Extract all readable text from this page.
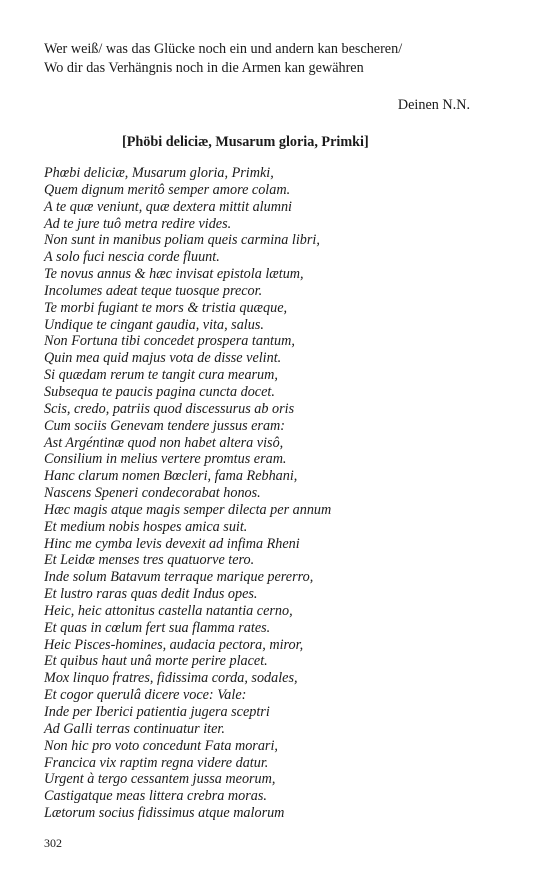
Wer weiß/ was das Glücke noch ein und andern kan bescheren/

Wo dir das Verhängnis noch in die Armen kan gewähren

Deinen N.N.
[Phöbi deliciæ, Musarum gloria, Primki]
Phœbi deliciæ, Musarum gloria, Primki,
Quem dignum meritô semper amore colam.
A te quæ veniunt, quæ dextera mittit alumni
Ad te jure tuô metra redire vides.
Non sunt in manibus poliam queis carmina libri,
A solo fuci nescia corde fluunt.
Te novus annus & hæc invisat epistola lætum,
Incolumes adeat teque tuosque precor.
Te morbi fugiant te mors & tristia quæque,
Undique te cingant gaudia, vita, salus.
Non Fortuna tibi concedet prospera tantum,
Quin mea quid majus vota de disse velint.
Si quædam rerum te tangit cura mearum,
Subsequa te paucis pagina cuncta docet.
Scis, credo, patriis quod discessurus ab oris
Cum sociis Genevam tendere jussus eram:
Ast Argéntinæ quod non habet altera visô,
Consilium in melius vertere promtus eram.
Hanc clarum nomen Bœcleri, fama Rebhani,
Nascens Speneri condecorabat honos.
Hæc magis atque magis semper dilecta per annum
Et medium nobis hospes amica suit.
Hinc me cymba levis devexit ad infima Rheni
Et Leidæ menses tres quatuorve tero.
Inde solum Batavum terraque marique pererro,
Et lustro raras quas dedit Indus opes.
Heic, heic attonitus castella natantia cerno,
Et quas in cœlum fert sua flamma rates.
Heic Pisces-homines, audacia pectora, miror,
Et quibus haut unâ morte perire placet.
Mox linquo fratres, fidissima corda, sodales,
Et cogor querulâ dicere voce: Vale:
Inde per Iberici patientia jugera sceptri
Ad Galli terras continuatur iter.
Non hic pro voto concedunt Fata morari,
Francica vix raptim regna videre datur.
Urgent à tergo cessantem jussa meorum,
Castigatque meas littera crebra moras.
Lætorum socius fidissimus atque malorum
302
